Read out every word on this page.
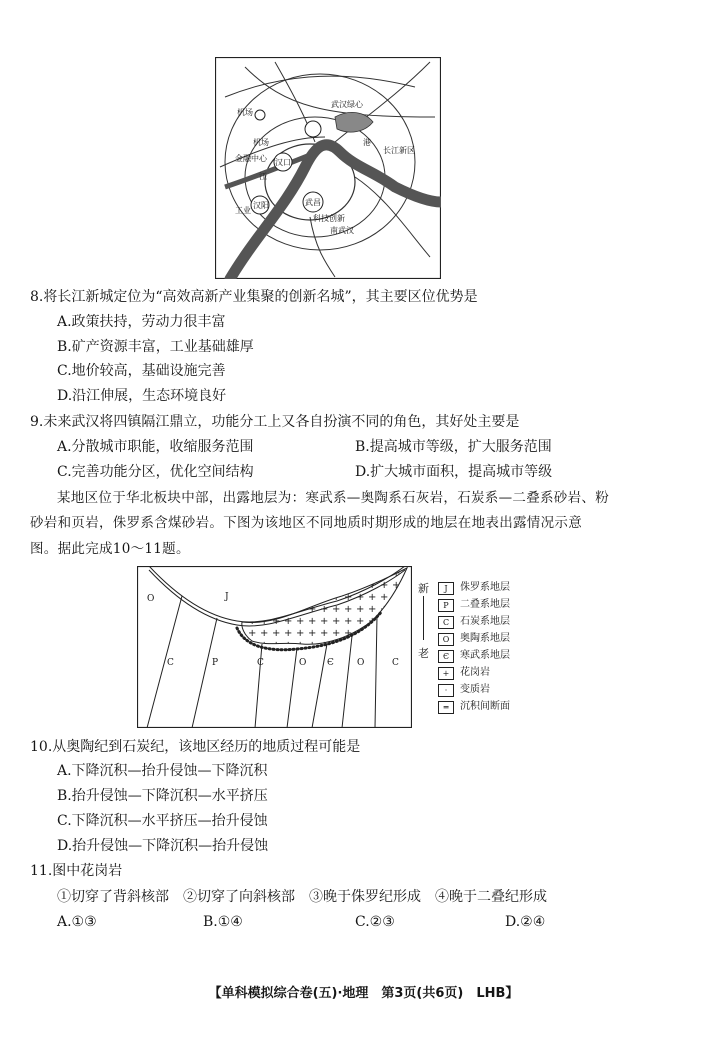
机场
机场
武汉绿心
金融中心 汉口
长江新区
汉阳	武昌
科技创新
南武汉
工业
港
江
8.将长江新城定位为“高效高新产业集聚的创新名城”，其主要区位优势是
A.政策扶持，劳动力很丰富
B.矿产资源丰富，工业基础雄厚
C.地价较高，基础设施完善
D.沿江伸展，生态环境良好
9.未来武汉将四镇隔江鼎立，功能分工上又各自扮演不同的角色，其好处主要是
A.分散城市职能，收缩服务范围	B.提高城市等级，扩大服务范围
C.完善功能分区，优化空间结构	D.扩大城市面积，提高城市等级
某地区位于华北板块中部，出露地层为：寒武系—奥陶系石灰岩，石炭系—二叠系砂岩、粉
砂岩和页岩，侏罗系含煤砂岩。下图为该地区不同地质时期形成的地层在地表出露情况示意
图。据此完成10～11题。
O
C	P	C	O Є	O	C
J
新
老
J 侏罗系地层
P 二叠系地层
C 石炭系地层
O 奥陶系地层
Є 寒武系地层
+ 花岗岩
· 变质岩
═ 沉积间断面
10.从奥陶纪到石炭纪，该地区经历的地质过程可能是
A.下降沉积—抬升侵蚀—下降沉积
B.抬升侵蚀—下降沉积—水平挤压
C.下降沉积—水平挤压—抬升侵蚀
D.抬升侵蚀—下降沉积—抬升侵蚀
11.图中花岗岩
①切穿了背斜核部　②切穿了向斜核部　③晚于侏罗纪形成　④晚于二叠纪形成
A.①③	B.①④	C.②③	D.②④
【单科模拟综合卷(五)·地理　第3页(共6页)　LHB】
